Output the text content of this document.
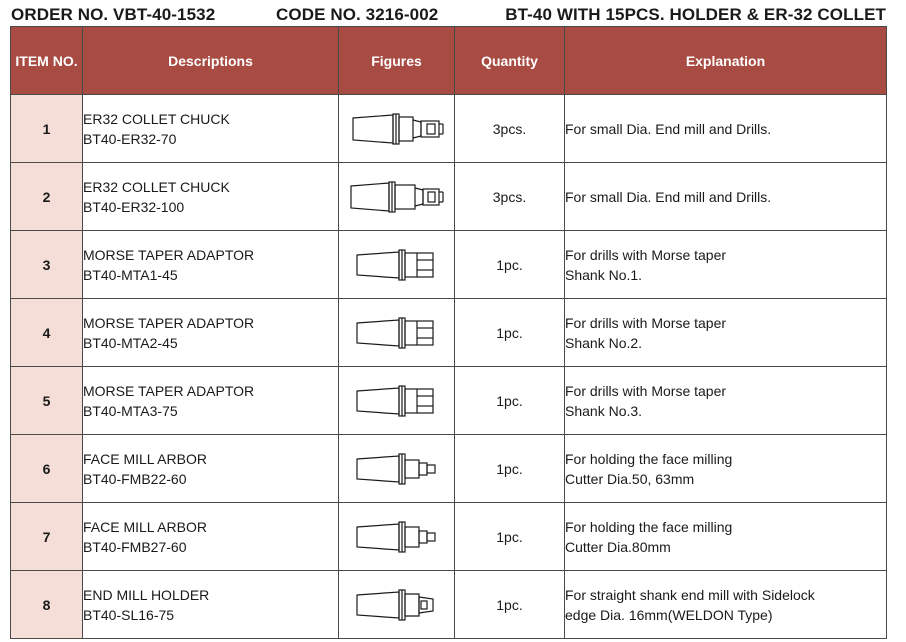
ORDER NO. VBT-40-1532	CODE NO. 3216-002	BT-40 WITH 15PCS. HOLDER & ER-32 COLLET
ITEM NO.	Descriptions	Figures	Quantity	Explanation
1	ER32 COLLET CHUCK
BT40-ER32-70		3pcs.	For small Dia. End mill and Drills.

2	ER32 COLLET CHUCK
BT40-ER32-100		3pcs.	For small Dia. End mill and Drills.

3	MORSE TAPER ADAPTOR
BT40-MTA1-45		1pc.	For drills with Morse taper
Shank No.1.

4	MORSE TAPER ADAPTOR
BT40-MTA2-45		1pc.	For drills with Morse taper
Shank No.2.

5	MORSE TAPER ADAPTOR
BT40-MTA3-75		1pc.	For drills with Morse taper
Shank No.3.

6	FACE MILL ARBOR
BT40-FMB22-60		1pc.	For holding the face milling
Cutter Dia.50, 63mm

7	FACE MILL ARBOR
BT40-FMB27-60		1pc.	For holding the face milling
Cutter Dia.80mm

8	END MILL HOLDER
BT40-SL16-75		1pc.	For straight shank end mill with Sidelock
edge Dia. 16mm(WELDON Type)
